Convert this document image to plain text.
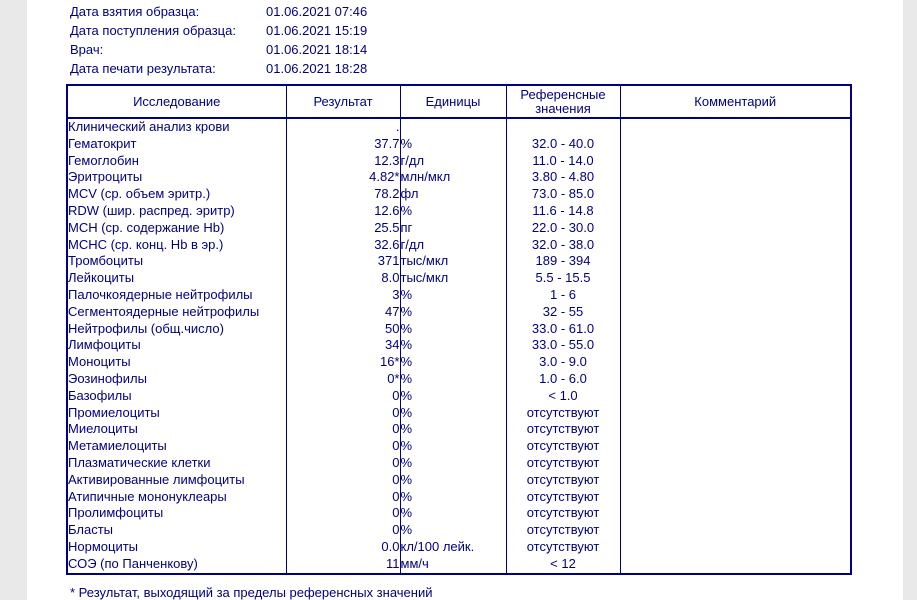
Дата взятия образца:	01.06.2021 07:46
Дата поступления образца:	01.06.2021 15:19
Врач:	01.06.2021 18:14
Дата печати результата:	01.06.2021 18:28
Исследование	Результат	Единицы	Референсные значения	Комментарий
Клинический анализ крови	.			
Гематокрит	37.7	%	32.0 - 40.0	
Гемоглобин	12.3	г/дл	11.0 - 14.0	
Эритроциты	4.82*	млн/мкл	3.80 - 4.80	
MCV (ср. объем эритр.)	78.2	фл	73.0 - 85.0	
RDW (шир. распред. эритр)	12.6	%	11.6 - 14.8	
MCH (ср. содержание Hb)	25.5	пг	22.0 - 30.0	
MCHC (ср. конц. Hb в эр.)	32.6	г/дл	32.0 - 38.0	
Тромбоциты	371	тыс/мкл	189 - 394	
Лейкоциты	8.0	тыс/мкл	5.5 - 15.5	
Палочкоядерные нейтрофилы	3	%	1 - 6	
Сегментоядерные нейтрофилы	47	%	32 - 55	
Нейтрофилы (общ.число)	50	%	33.0 - 61.0	
Лимфоциты	34	%	33.0 - 55.0	
Моноциты	16*	%	3.0 - 9.0	
Эозинофилы	0*	%	1.0 - 6.0	
Базофилы	0	%	< 1.0	
Промиелоциты	0	%	отсутствуют	
Миелоциты	0	%	отсутствуют	
Метамиелоциты	0	%	отсутствуют	
Плазматические клетки	0	%	отсутствуют	
Активированные лимфоциты	0	%	отсутствуют	
Атипичные мононуклеары	0	%	отсутствуют	
Пролимфоциты	0	%	отсутствуют	
Бласты	0	%	отсутствуют	
Нормоциты	0.0	кл/100 лейк.	отсутствуют	
СОЭ (по Панченкову)	11	мм/ч	< 12	
* Результат, выходящий за пределы референсных значений
